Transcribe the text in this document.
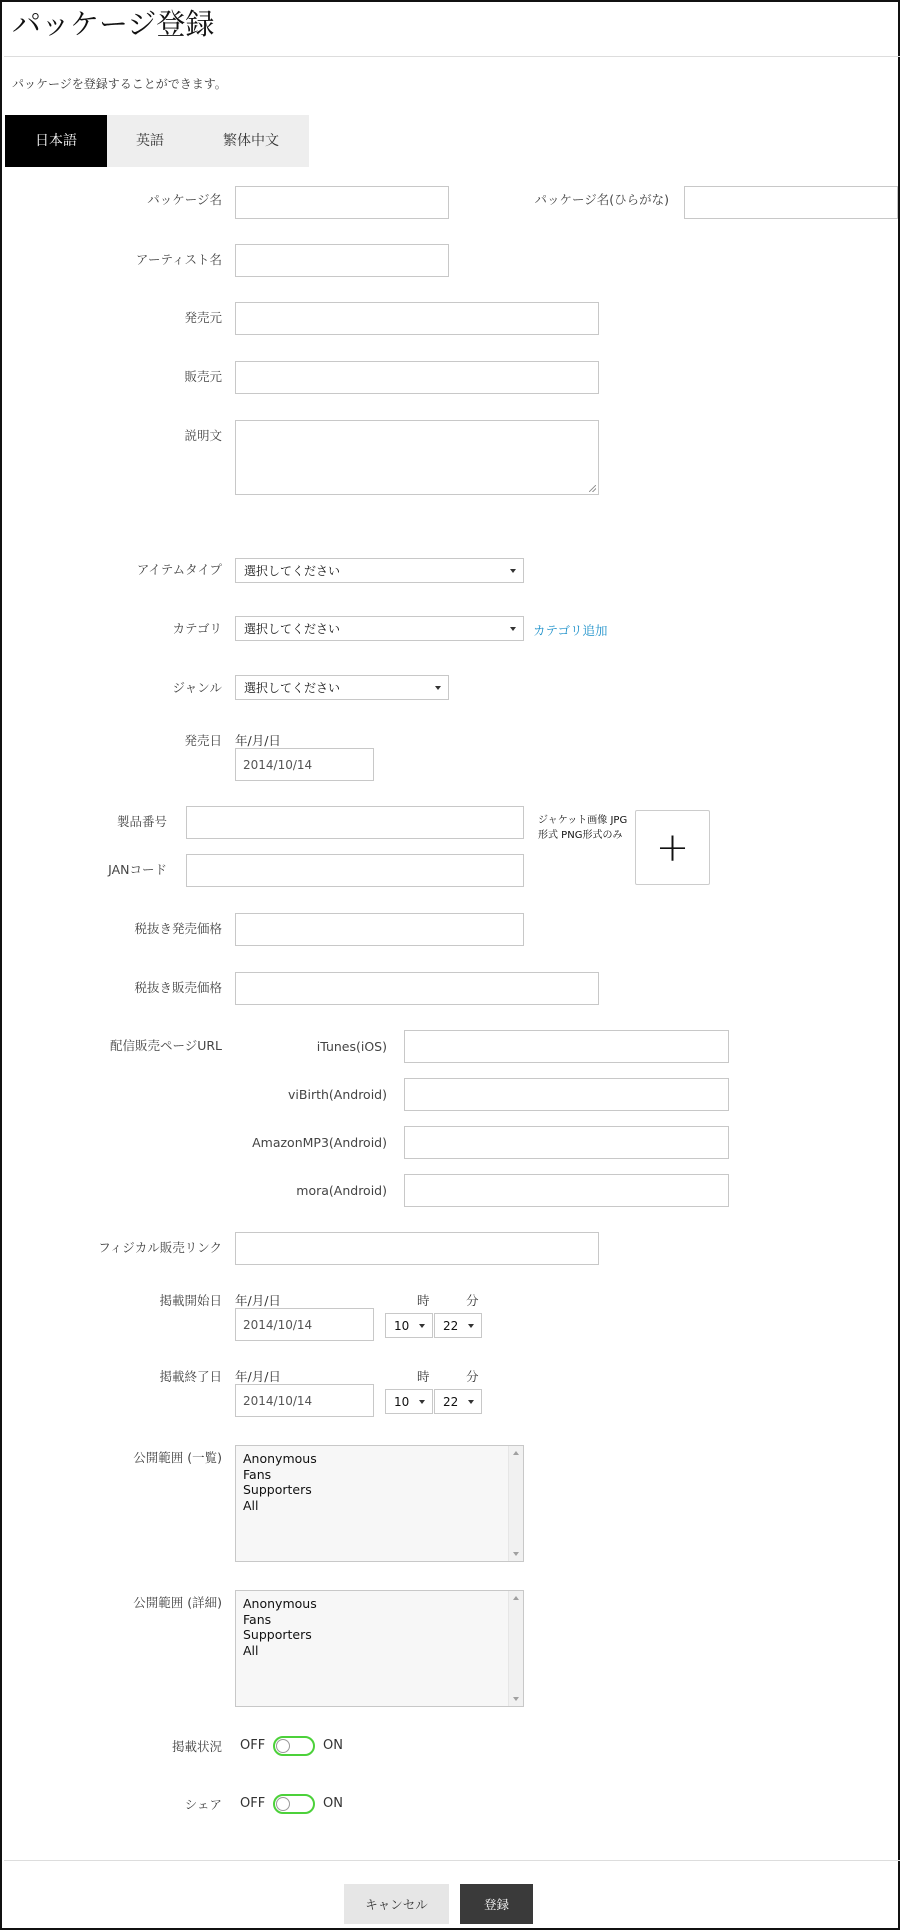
パッケージ登録
パッケージを登録することができます。
日本語	英語	繁体中文
パッケージ名	パッケージ名(ひらがな)
アーティスト名
発売元
販売元
説明文
アイテムタイプ 選択してください
カテゴリ 選択してください	カテゴリ追加
ジャンル 選択してください
発売日 年/月/日
2014/10/14
製品番号
JANコード
ジャケット画像 JPG形式 PNG形式のみ +
税抜き発売価格
税抜き販売価格
配信販売ページURL	iTunes(iOS)
viBirth(Android)
AmazonMP3(Android)
mora(Android)
フィジカル販売リンク
掲載開始日 年/月/日	時	分
2014/10/14	10	22
掲載終了日 年/月/日	時	分
2014/10/14	10	22
公開範囲 (一覧) Anonymous
Fans
Supporters
All
公開範囲 (詳細) Anonymous
Fans
Supporters
All
掲載状況 OFF	ON
シェア OFF	ON
キャンセル	登録
